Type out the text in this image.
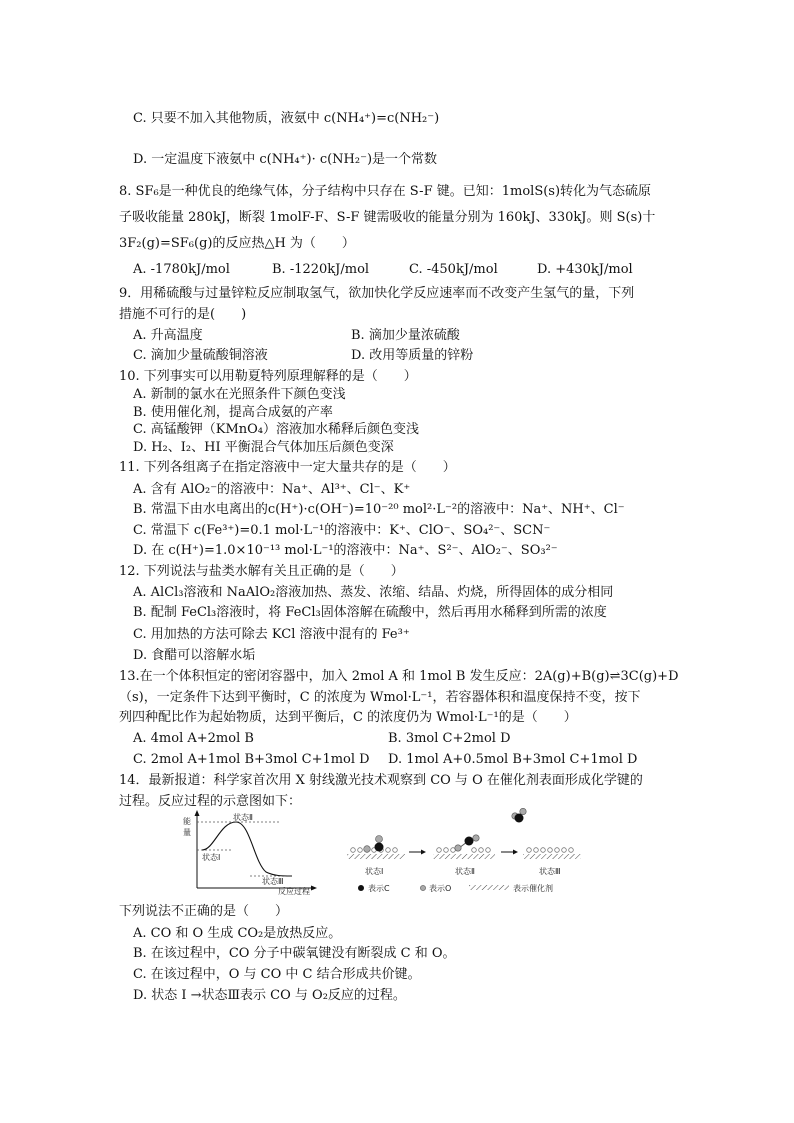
C. 只要不加入其他物质，液氨中 c(NH₄⁺)=c(NH₂⁻)
D. 一定温度下液氨中 c(NH₄⁺)· c(NH₂⁻)是一个常数
8. SF₆是一种优良的绝缘气体，分子结构中只存在 S-F 键。已知：1molS(s)转化为气态硫原
子吸收能量 280kJ，断裂 1molF-F、S-F 键需吸收的能量分别为 160kJ、330kJ。则 S(s)十
3F₂(g)=SF₆(g)的反应热△H 为（　　）
A. -1780kJ/mol	B. -1220kJ/mol	C. -450kJ/mol	D. +430kJ/mol
9．用稀硫酸与过量锌粒反应制取氢气，欲加快化学反应速率而不改变产生氢气的量，下列
措施不可行的是(　　)
A. 升高温度	B. 滴加少量浓硫酸
C. 滴加少量硫酸铜溶液	D. 改用等质量的锌粉
10. 下列事实可以用勒夏特列原理解释的是（　　）
A. 新制的氯水在光照条件下颜色变浅
B. 使用催化剂，提高合成氨的产率
C. 高锰酸钾（KMnO₄）溶液加水稀释后颜色变浅
D. H₂、I₂、HI 平衡混合气体加压后颜色变深
11. 下列各组离子在指定溶液中一定大量共存的是（　　）
A. 含有 AlO₂⁻的溶液中：Na⁺、Al³⁺、Cl⁻、K⁺
B. 常温下由水电离出的c(H⁺)·c(OH⁻)=10⁻²⁰ mol²·L⁻²的溶液中：Na⁺、NH⁺、Cl⁻
C. 常温下 c(Fe³⁺)=0.1 mol·L⁻¹的溶液中：K⁺、ClO⁻、SO₄²⁻、SCN⁻
D. 在 c(H⁺)=1.0×10⁻¹³ mol·L⁻¹的溶液中：Na⁺、S²⁻、AlO₂⁻、SO₃²⁻
12. 下列说法与盐类水解有关且正确的是（　　）
A. AlCl₃溶液和 NaAlO₂溶液加热、蒸发、浓缩、结晶、灼烧，所得固体的成分相同
B. 配制 FeCl₃溶液时，将 FeCl₃固体溶解在硫酸中，然后再用水稀释到所需的浓度
C. 用加热的方法可除去 KCl 溶液中混有的 Fe³⁺
D. 食醋可以溶解水垢
13.在一个体积恒定的密闭容器中，加入 2mol A 和 1mol B 发生反应：2A(g)+B(g)⇌3C(g)+D
（s)，一定条件下达到平衡时，C 的浓度为 Wmol·L⁻¹，若容器体积和温度保持不变，按下
列四种配比作为起始物质，达到平衡后，C 的浓度仍为 Wmol·L⁻¹的是（　　）
A. 4mol A+2mol B	B. 3mol C+2mol D
C. 2mol A+1mol B+3mol C+1mol D D. 1mol A+0.5mol B+3mol C+1mol D
14．最新报道：科学家首次用 X 射线激光技术观察到 CO 与 O 在催化剂表面形成化学键的
过程。反应过程的示意图如下：
能
量
反应过程
状态Ⅱ
状态Ⅰ
状态Ⅲ
状态Ⅰ	状态Ⅱ	状态Ⅲ
表示C	表示O	表示催化剂
下列说法不正确的是（　　）
A. CO 和 O 生成 CO₂是放热反应。
B. 在该过程中，CO 分子中碳氧键没有断裂成 C 和 O。
C. 在该过程中，O 与 CO 中 C 结合形成共价键。
D. 状态 I →状态Ⅲ表示 CO 与 O₂反应的过程。
